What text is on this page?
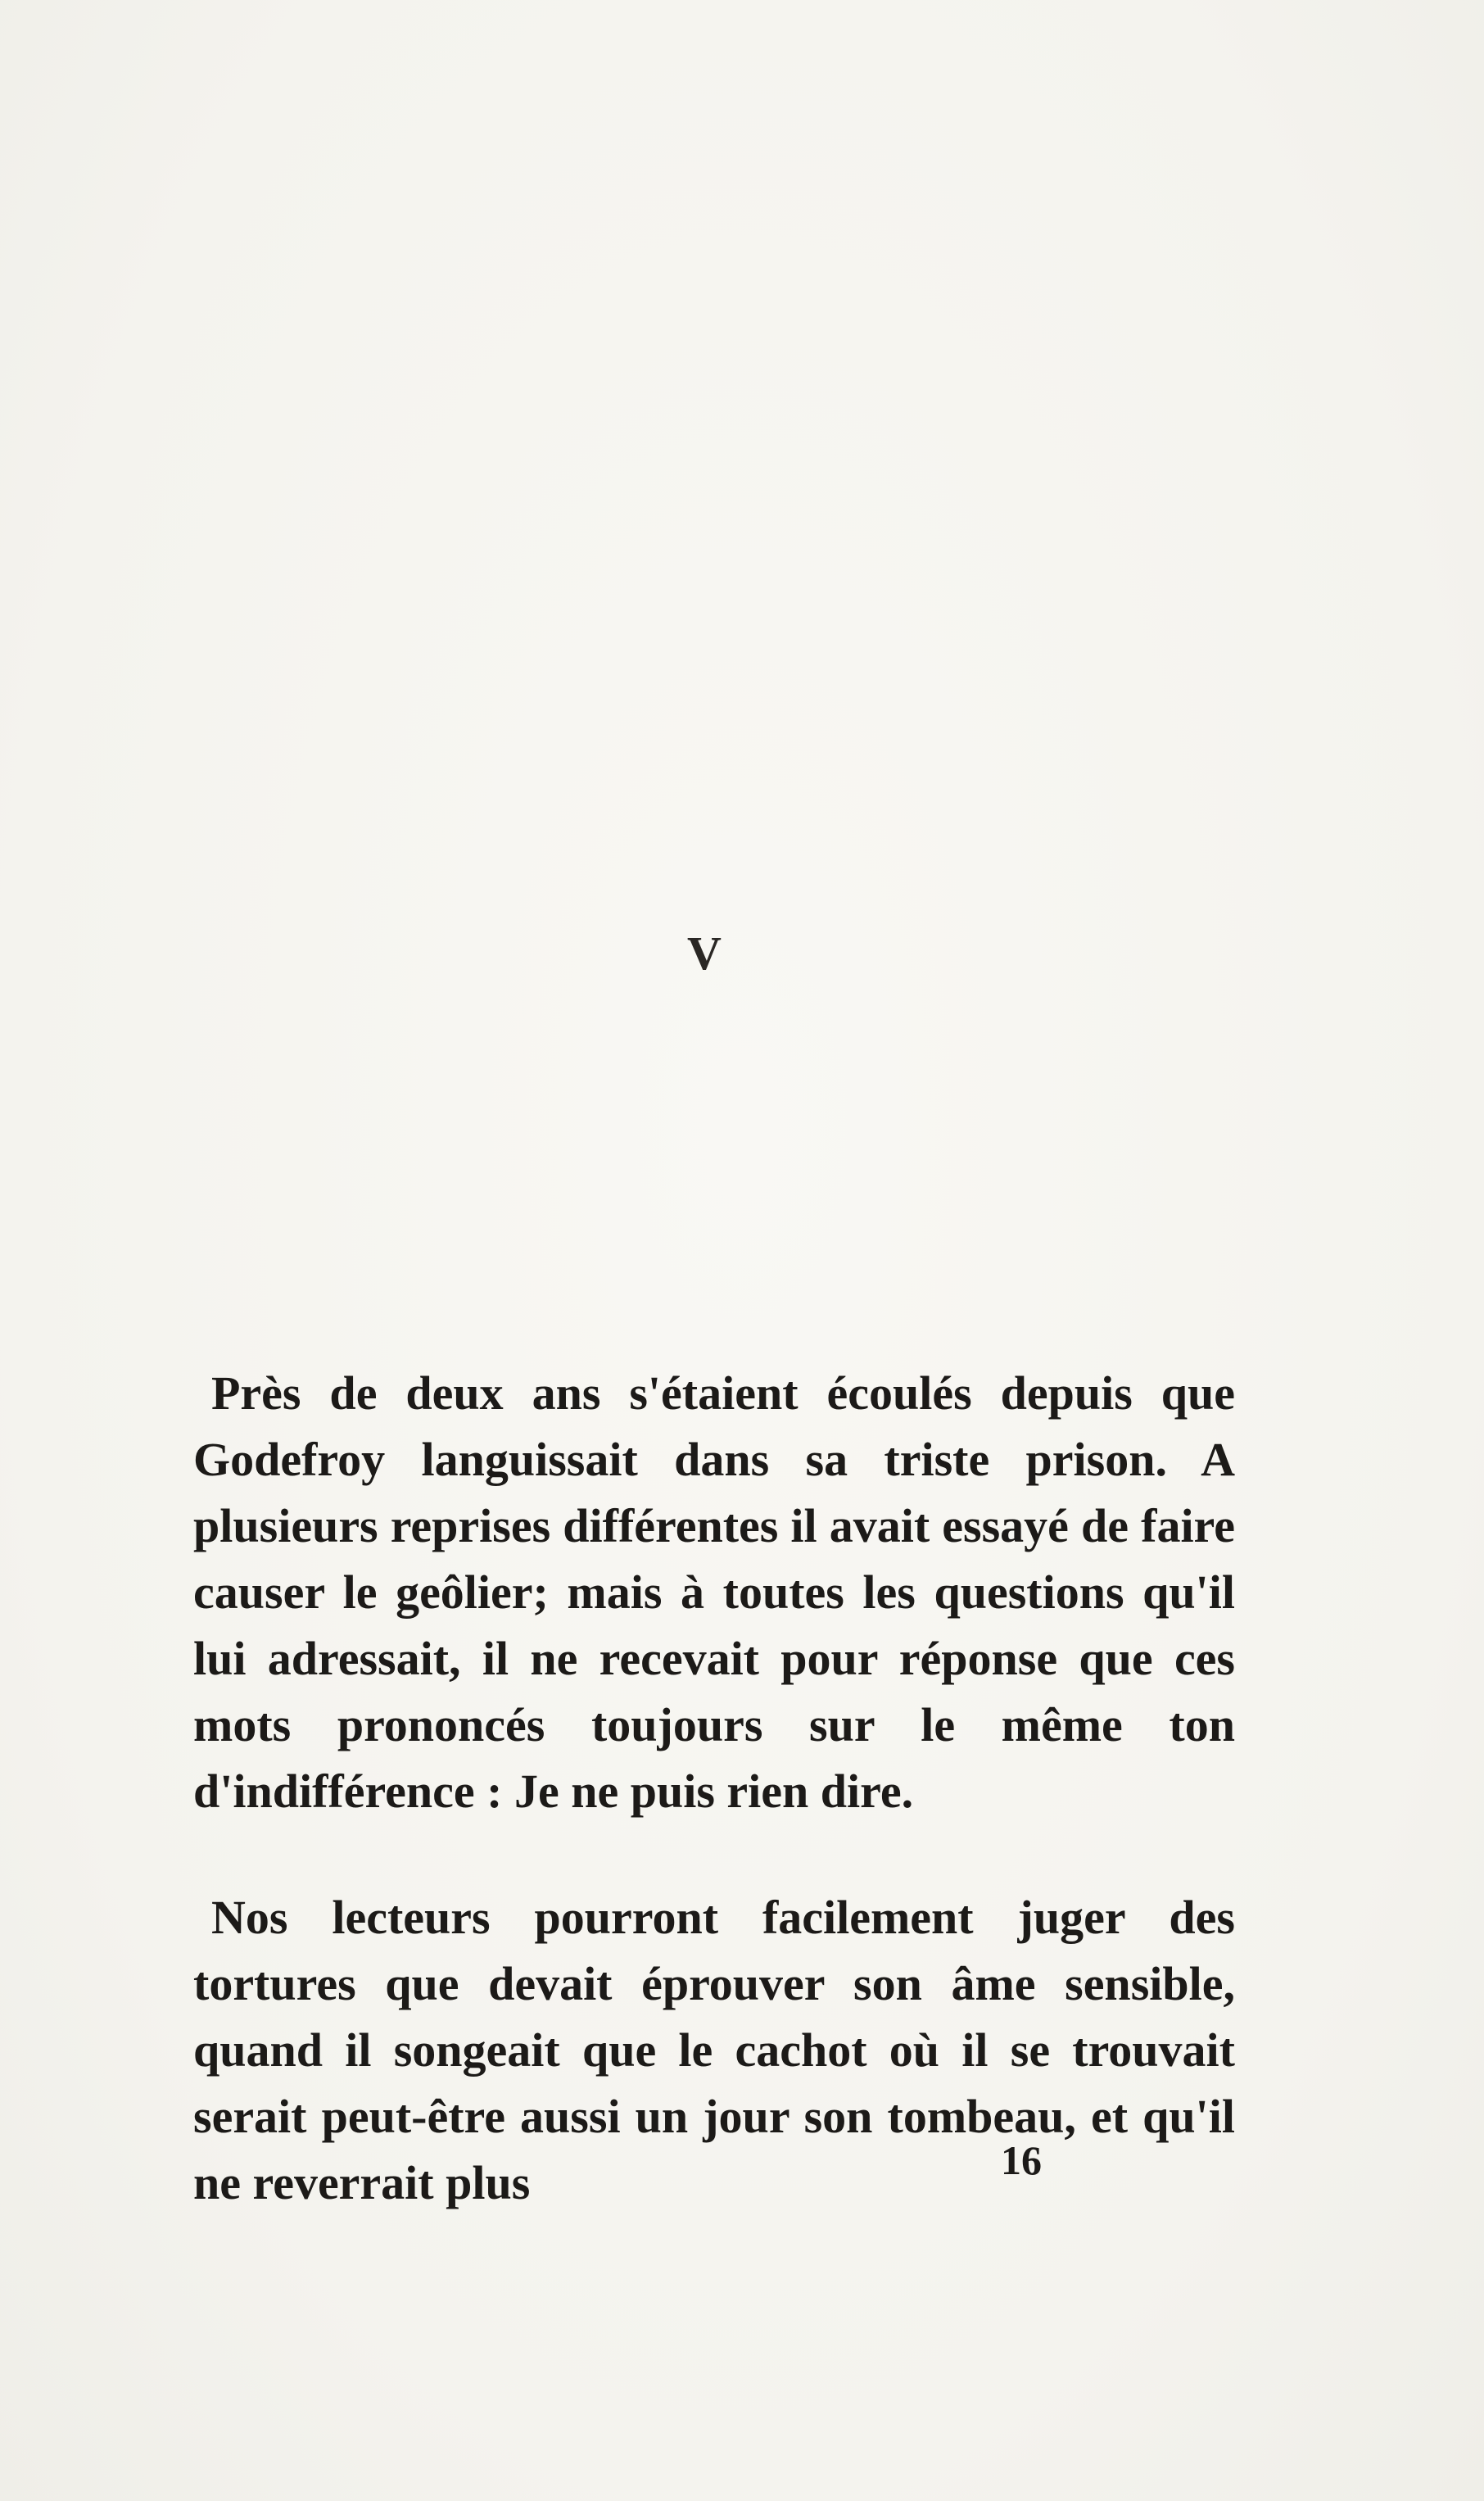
V

Près de deux ans s'étaient écoulés depuis que Godefroy languissait dans sa triste prison. A plusieurs reprises différentes il avait essayé de faire causer le geôlier; mais à toutes les questions qu'il lui adressait, il ne recevait pour réponse que ces mots prononcés toujours sur le même ton d'indifférence : Je ne puis rien dire.

Nos lecteurs pourront facilement juger des tortures que devait éprouver son âme sensible, quand il songeait que le cachot où il se trouvait serait peut-être aussi un jour son tombeau, et qu'il ne reverrait plus	16
